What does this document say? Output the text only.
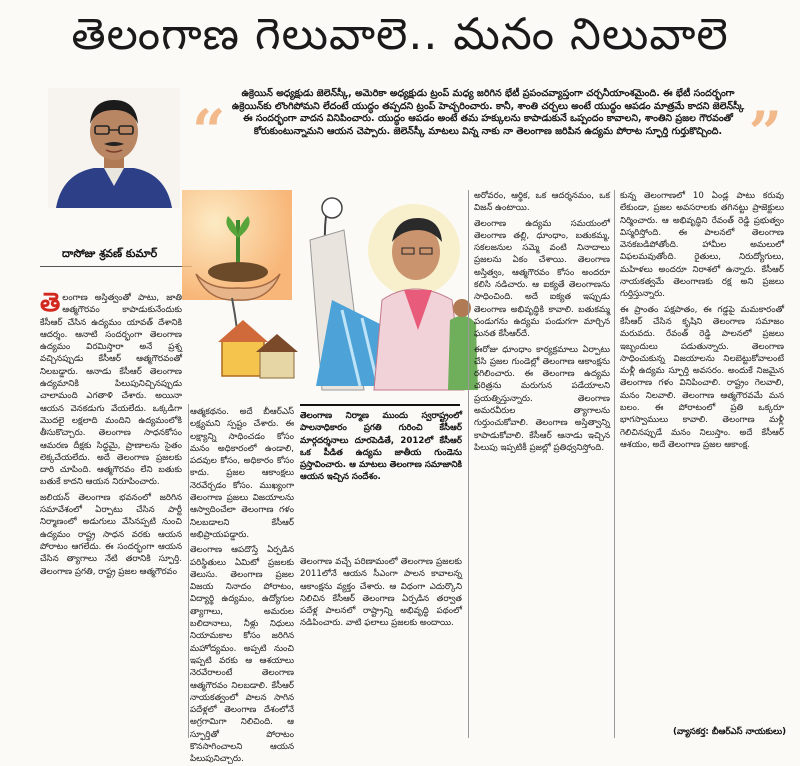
తెలంగాణ గెలువాలె.. మనం నిలువాలె
“
ఉక్రెయిన్ అధ్యక్షుడు జెలెన్‌స్కీ, అమెరికా అధ్యక్షుడు ట్రంప్ మధ్య జరిగిన భేటీ ప్రపంచవ్యాప్తంగా చర్చనీయాంశమైంది. ఈ భేటీ సందర్భంగా ఉక్రెయిన్‌కు లొంగిపోమని లేదంటే యుద్ధం తప్పదని ట్రంప్ హెచ్చరించారు. కానీ, శాంతి చర్చలు అంటే యుద్ధం ఆపడం మాత్రమే కాదని జెలెన్‌స్కీ ఈ సందర్భంగా వాదన వినిపించారు. యుద్ధం ఆపడం అంటే తమ హక్కులను కాపాడుకునే ఒప్పందం కావాలని, శాంతిని ప్రజల గౌరవంతో కోరుకుంటున్నామని ఆయన చెప్పారు. జెలెన్‌స్కీ మాటలు విన్న నాకు నా తెలంగాణ జరిపిన ఉద్యమ పోరాట స్ఫూర్తి గుర్తుకొచ్చింది. ”
దాసోజు శ్రవణ్ కుమార్

తెలంగాణ అస్తిత్వంతో పాటు, జాతి ఆత్మగౌరవం కాపాడుకునేందుకు కేసీఆర్ చేసిన ఉద్యమం యావత్ దేశానికి ఆదర్శం. ఆనాటి సందర్భంగా తెలంగాణ ఉద్యమం విరమిస్తారా అనే ప్రశ్న వచ్చినప్పుడు కేసీఆర్ ఆత్మగౌరవంతో నిలబడ్డారు. ఆనాడు కేసీఆర్ తెలంగాణ ఉద్యమానికి పిలుపునిచ్చినప్పుడు చాలామంది ఎగతాళి చేశారు. అయినా ఆయన వెనకడుగు వేయలేదు. ఒక్కడిగా మొదలై లక్షలాది మందిని ఉద్యమంలోకి తీసుకొచ్చారు. తెలంగాణ సాధనకోసం ఆమరణ దీక్షకు సిద్ధమై, ప్రాణాలను సైతం లెక్కచేయలేదు. అదే తెలంగాణ ప్రజలకు దారి చూపింది. ఆత్మగౌరవం లేని బతుకు బతుకే కాదని ఆయన నిరూపించారు.

జలియన్ తెలంగాణ భవనంలో జరిగిన సమావేశంలో ఏర్పాటు చేసిన పార్టీ నిర్మాణంలో అడుగులు వేసినప్పటి నుంచి ఉద్యమం రాష్ట్ర సాధన వరకు ఆయన పోరాటం ఆగలేదు. ఈ సందర్భంగా ఆయన చేసిన త్యాగాలు నేటి తరానికి స్ఫూర్తి. తెలంగాణ ప్రగతి, రాష్ట్ర ప్రజల ఆత్మగౌరవం

ఆత్మకథనం. అదే బీఆర్ఎస్ లక్ష్యమని స్పష్టం చేశారు. ఈ లక్ష్యాన్ని సాధించడం కోసం మనం అధికారంలో ఉండాలి, పదవుల కోసం, అధికారం కోసం కాదు. ప్రజల ఆకాంక్షలు నెరవేర్చడం కోసం. ముఖ్యంగా తెలంగాణ ప్రజలు విజయాలను ఆస్వాదించేలా తెలంగాణ గళం నిలబడాలని కేసీఆర్ అభిప్రాయపడ్డారు.

తెలంగాణ ఆపదొస్తే ఏర్పడిన పరిస్థితులు ఏమిటో ప్రజలకు తెలుసు. తెలంగాణ ప్రజల విజయ నినాదం పోరాటం, విద్యార్థి ఉద్యమం, ఉద్యోగుల త్యాగాలు, అమరుల బలిదానాలు, నీళ్లు నిధులు నియామకాల కోసం జరిగిన మహోద్యమం. అప్పటి నుంచి ఇప్పటి వరకు ఆ ఆశయాలు నెరవేరాలంటే తెలంగాణ ఆత్మగౌరవం నిలబడాలి. కేసీఆర్ నాయకత్వంలో పాలన సాగిన పదేళ్లలో తెలంగాణ దేశంలోనే అగ్రగామిగా నిలిచింది. ఆ స్ఫూర్తితో పోరాటం కొనసాగించాలని ఆయన పిలుపునిచ్చారు.

తెలంగాణ నిర్మాణ ముందు స్వరాష్ట్రంలో పాలనాధికారం ప్రగతి గురించి కేసీఆర్ మార్గదర్శనాలు దూరపెడితే, 2012లో కేసీఆర్ ఒక పీడిత ఉద్యమ జాతీయ గుండెను ప్రస్తావించారు. ఆ మాటలు తెలంగాణ సమాజానికి ఆయన ఇచ్చిన సందేశం.

తెలంగాణ వచ్చే పరిణామంలో తెలంగాణ ప్రజలకు 2011లోనే ఆయన సీఎంగా పాలన కావాలన్న ఆకాంక్షను వ్యక్తం చేశారు. ఆ విధంగా ఎదుర్కొని నిలిచిన కేసీఆర్ తెలంగాణ ఏర్పడిన తర్వాత పదేళ్ల పాలనలో రాష్ట్రాన్ని అభివృద్ధి పథంలో నడిపించారు. వాటి ఫలాలు ప్రజలకు అందాయి.

అరోవరం, ఆర్థిక, ఒక ఆదర్శనమం, ఒక విజన్ ఉంటాయి.

తెలంగాణ ఉద్యమ సమయంలో తెలంగాణ తల్లి, ధూంధాం, బతుకమ్మ, సకలజనుల సమ్మె వంటి నినాదాలు ప్రజలను ఏకం చేశాయి. తెలంగాణ అస్తిత్వం, ఆత్మగౌరవం కోసం అందరూ కలిసి నడిచారు. ఆ ఐక్యతే తెలంగాణను సాధించింది. అదే ఐక్యత ఇప్పుడు తెలంగాణ అభివృద్ధికి కావాలి. బతుకమ్మ పండుగను ఉద్యమ పండుగగా మార్చిన ఘనత కేసీఆర్‌దే.

ఈరోజు ధూంధాం కార్యక్రమాలు ఏర్పాటు చేసి ప్రజల గుండెల్లో తెలంగాణ ఆకాంక్షను రగిలించారు. ఈ తెలంగాణ ఉద్యమ చరిత్రను మరుగున పడేయాలని ప్రయత్నిస్తున్నారు. తెలంగాణ అమరవీరుల త్యాగాలను గుర్తుంచుకోవాలి. తెలంగాణ అస్తిత్వాన్ని కాపాడుకోవాలి. కేసీఆర్ ఆనాడు ఇచ్చిన పిలుపు ఇప్పటికీ ప్రజల్లో ప్రతిధ్వనిస్తోంది.

కున్న తెలంగాణలో 10 ఏండ్ల పాటు కరువు లేకుండా, ప్రజల అవసరాలకు తగినట్టు ప్రాజెక్టులు నిర్మించారు. ఆ అభివృద్ధిని రేవంత్ రెడ్డి ప్రభుత్వం విస్మరిస్తోంది. ఈ పాలనలో తెలంగాణ వెనకబడిపోతోంది. హామీల అమలులో విఫలమవుతోంది. రైతులు, నిరుద్యోగులు, మహిళలు అందరూ నిరాశలో ఉన్నారు. కేసీఆర్ నాయకత్వమే తెలంగాణకు రక్ష అని ప్రజలు గుర్తిస్తున్నారు.

ఈ ప్రాంతం పక్షపాతం, ఈ గడ్డపై మమకారంతో కేసీఆర్ చేసిన కృషిని తెలంగాణ సమాజం మరువదు. రేవంత్ రెడ్డి పాలనలో ప్రజలు ఇబ్బందులు పడుతున్నారు. తెలంగాణ సాధించుకున్న విజయాలను నిలబెట్టుకోవాలంటే మళ్లీ ఉద్యమ స్ఫూర్తి అవసరం. అందుకే నిజమైన తెలంగాణ గళం వినిపించాలి. రాష్ట్రం గెలవాలి, మనం నిలవాలి. తెలంగాణ ఆత్మగౌరవమే మన బలం. ఈ పోరాటంలో ప్రతి ఒక్కరూ భాగస్వాములు కావాలి. తెలంగాణ మళ్లీ గెలిచినప్పుడే మనం నిలుస్తాం. అదే కేసీఆర్ ఆశయం, అదే తెలంగాణ ప్రజల ఆకాంక్ష.

(వ్యాసకర్త: బీఆర్ఎస్ నాయకులు)
